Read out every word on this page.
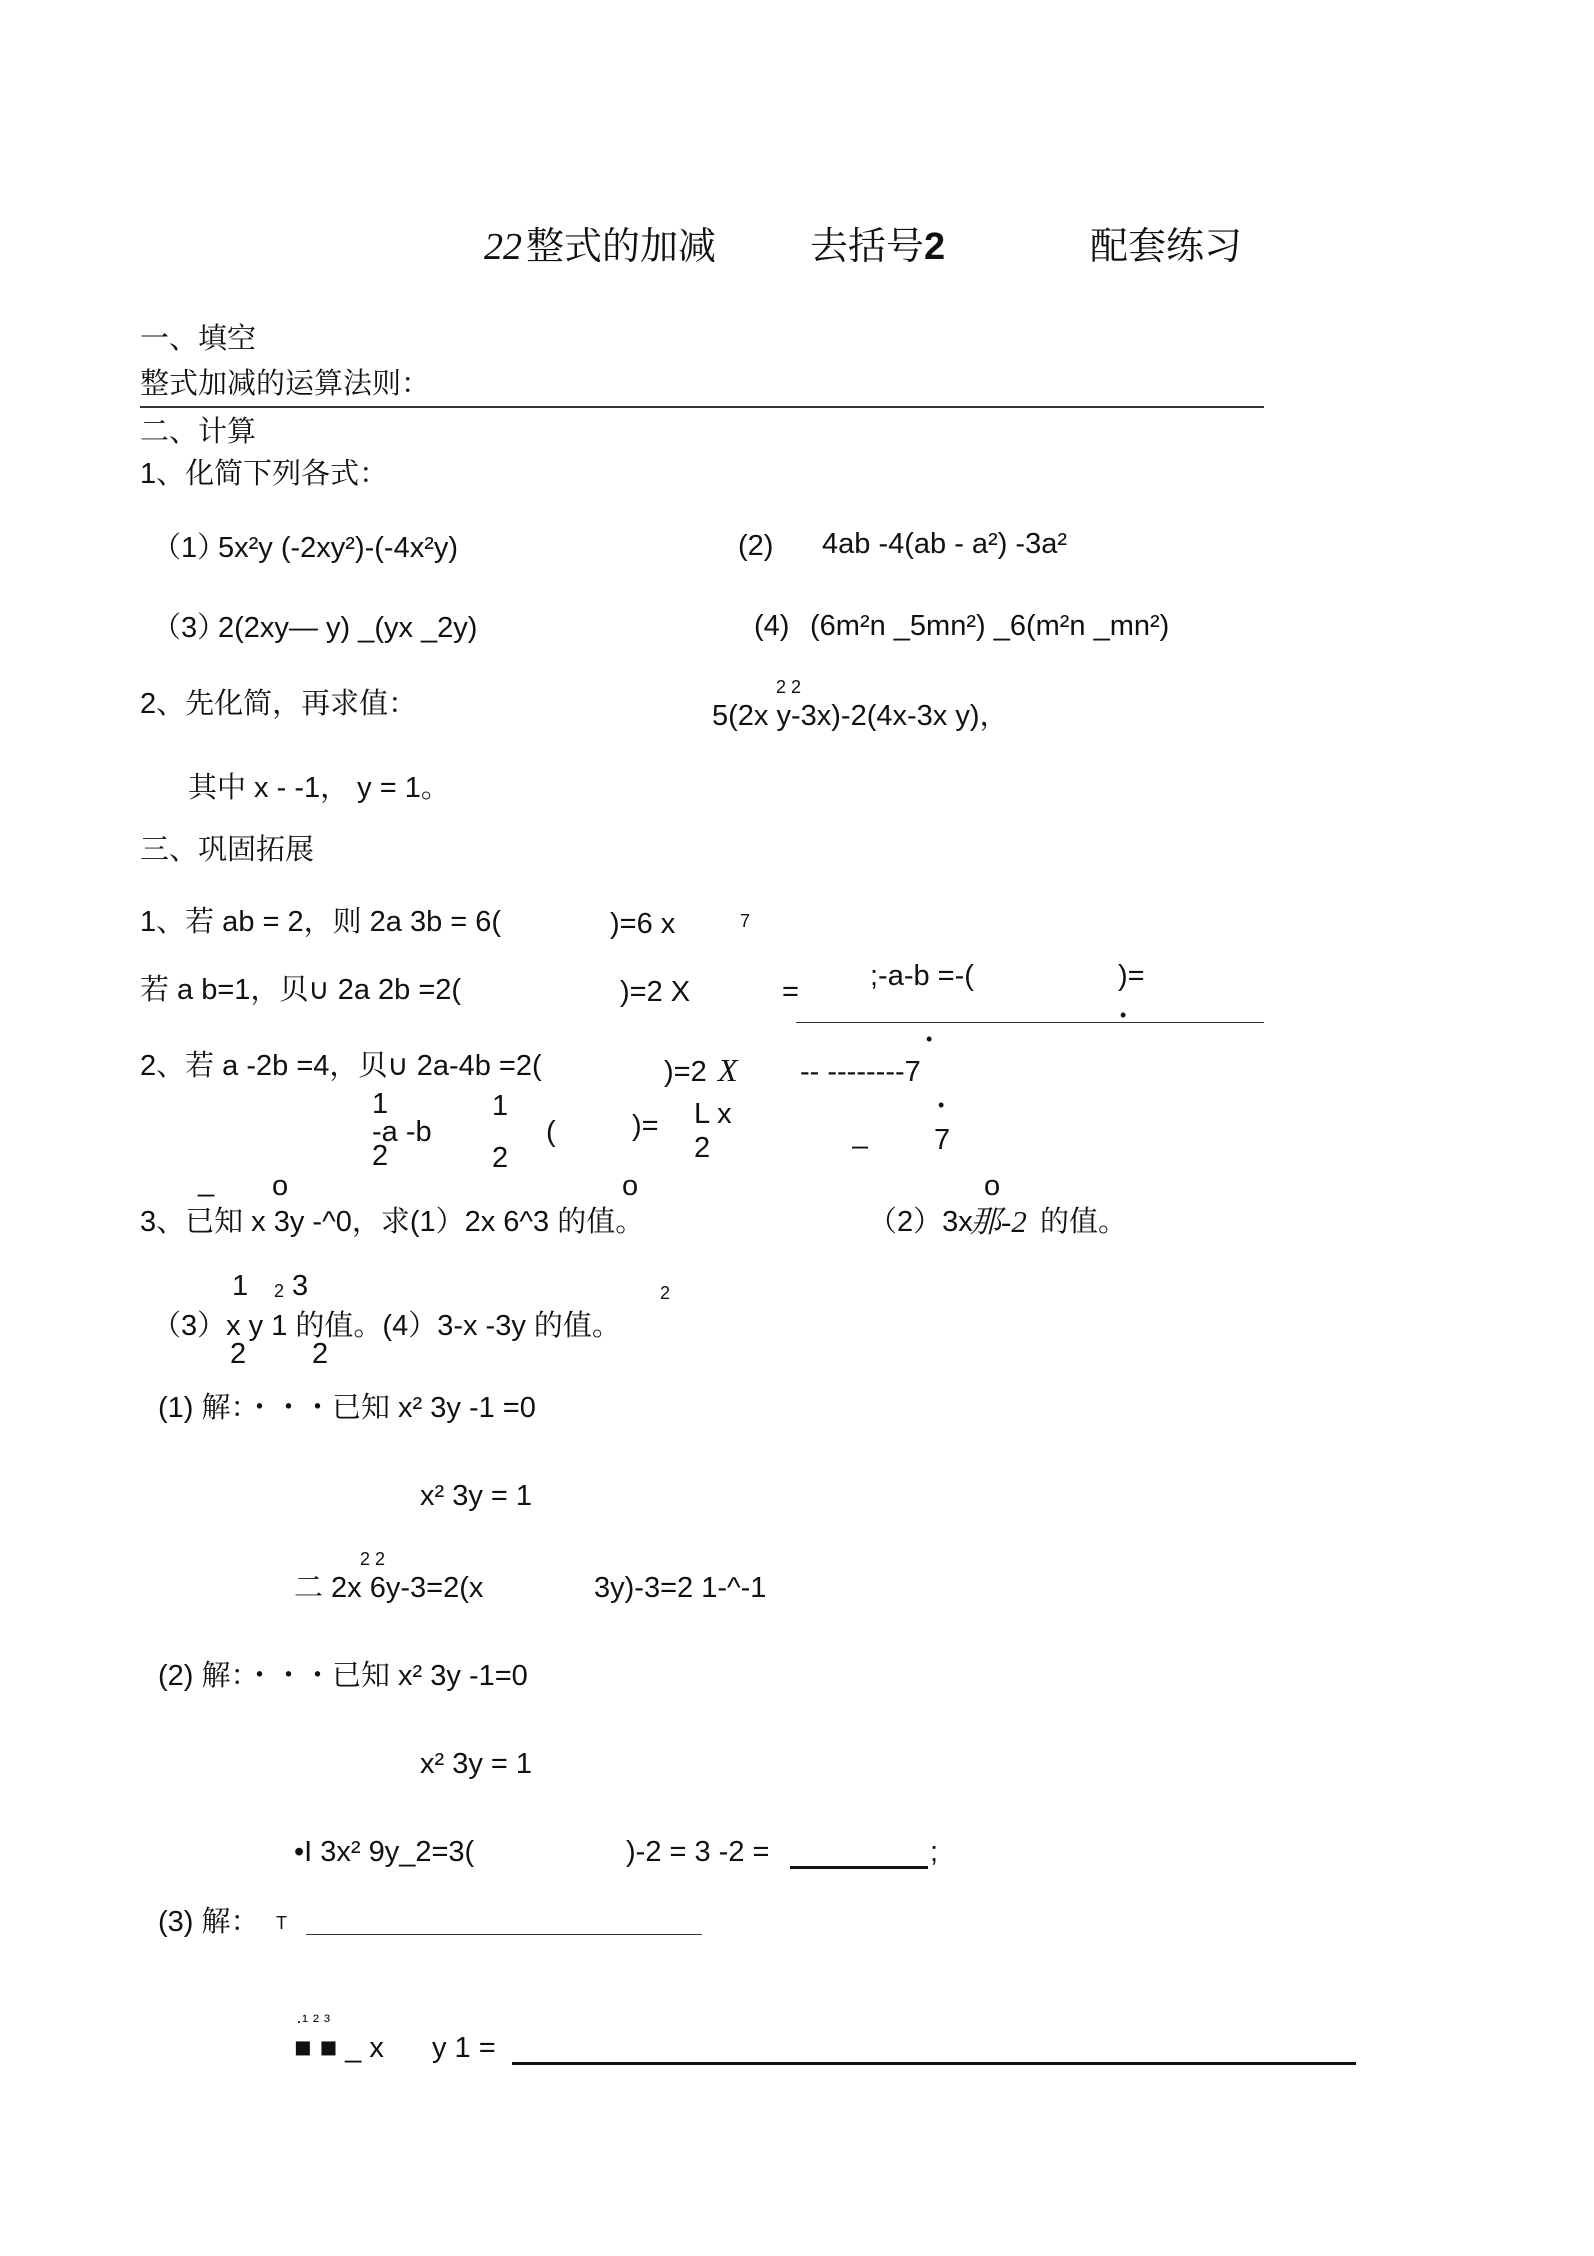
22 整式的加减 去括号 2	配套练习
一、填空
整式加减的运算法则：
二、计算
1、化简下列各式：
（1）
5x²y (-2xy²)-(-4x²y)	(2) 4ab -4(ab - a²) -3a²
（3）
2(2xy— y) _(yx _2y)	(4) (6m²n _5mn²) _6(m²n _mn²)
2、先化简，再求值：
2 2
5(2x y-3x)-2(4x-3x y)，
其中 x - -1， y = 1。
三、巩固拓展
1、若 ab = 2，则 2a 3b = 6(	)=6 x	7
若 a b=1，贝∪ 2a 2b =2(	)=2 X	= ;-a-b =-(	)=
•
•
2、若 a -2b =4，贝∪ 2a-4b =2(	)=2 X -- --------7
1
-a -b
2
1
2
(	)= L x
2	–
•
7
_ o	o	o
3、已知 x 3y -^0，求(1）2x 6^3 的值。	（2）3x
那-2 的值。
1 2 3	2
（3）x y 1 的值。(4）3-x -3y 的值。
2 2
(1) 解：・・・已知 x² 3y -1 =0
x² 3y = 1
2 2
二 2x 6y-3=2(x	3y)-3=2 1-^-1
(2) 解：・・・已知 x² 3y -1=0
x² 3y = 1
•I 3x² 9y_2=3(	)-2 = 3 -2 =	;
(3) 解： T
·¹ ² ³
■ ■ _ x y 1 =
